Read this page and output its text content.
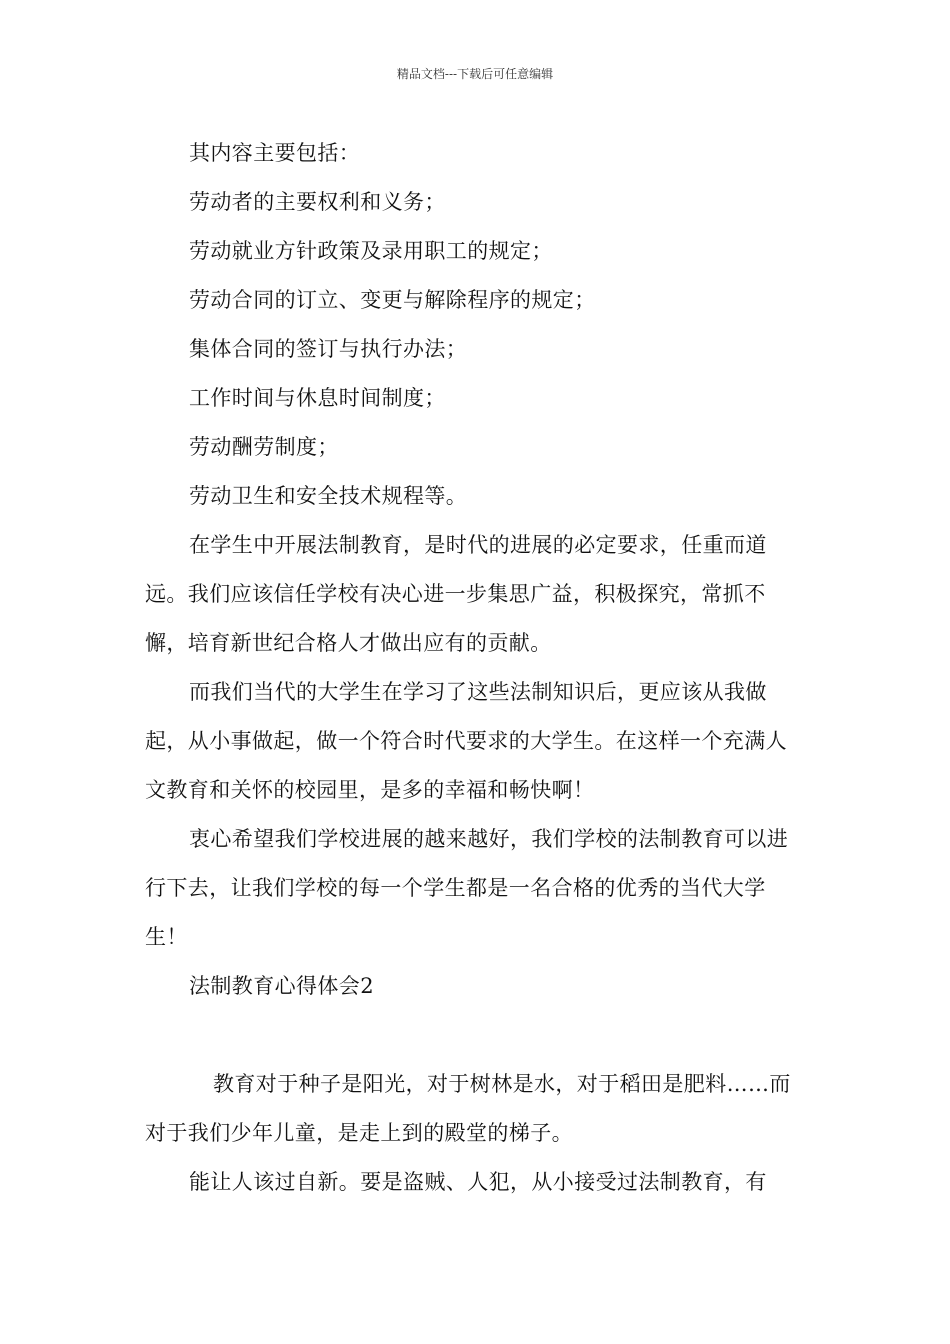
精品文档---下载后可任意编辑

其内容主要包括：

劳动者的主要权利和义务；

劳动就业方针政策及录用职工的规定；

劳动合同的订立、变更与解除程序的规定；

集体合同的签订与执行办法；

工作时间与休息时间制度；

劳动酬劳制度；

劳动卫生和安全技术规程等。

在学生中开展法制教育，是时代的进展的必定要求，任重而道远。我们应该信任学校有决心进一步集思广益，积极探究，常抓不懈，培育新世纪合格人才做出应有的贡献。

而我们当代的大学生在学习了这些法制知识后，更应该从我做起，从小事做起，做一个符合时代要求的大学生。在这样一个充满人文教育和关怀的校园里，是多的幸福和畅快啊！

衷心希望我们学校进展的越来越好，我们学校的法制教育可以进行下去，让我们学校的每一个学生都是一名合格的优秀的当代大学生！

法制教育心得体会2

教育对于种子是阳光，对于树林是水，对于稻田是肥料……而对于我们少年儿童，是走上到的殿堂的梯子。

能让人该过自新。要是盗贼、人犯，从小接受过法制教育，有
